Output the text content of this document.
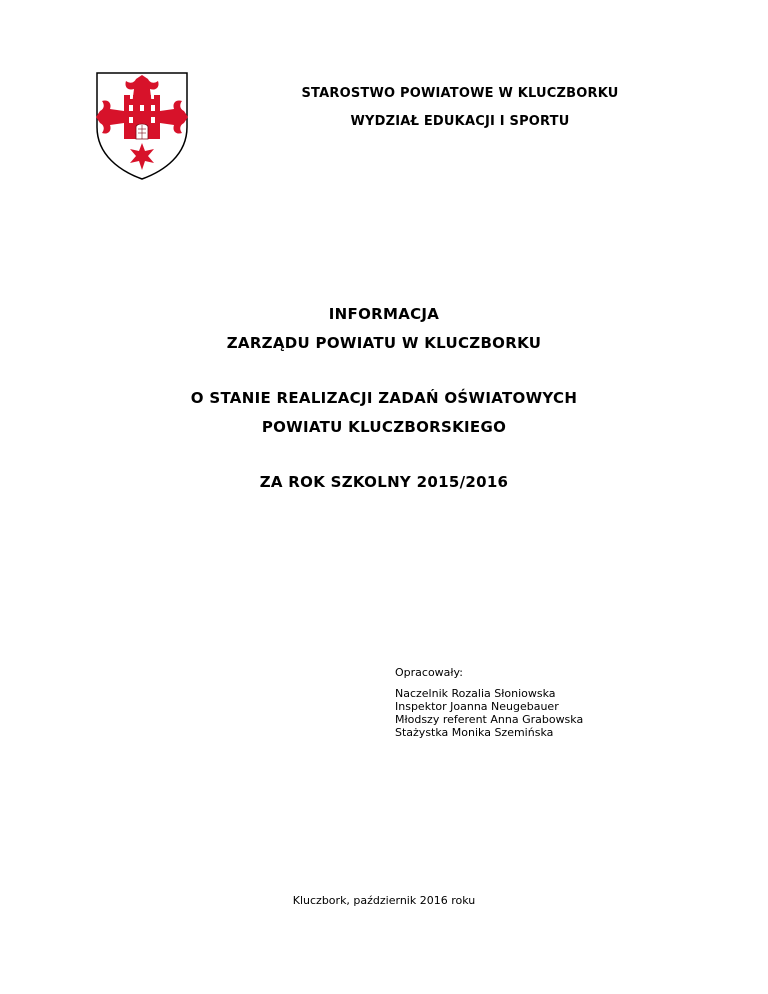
STAROSTWO POWIATOWE W KLUCZBORKU
WYDZIAŁ EDUKACJI I SPORTU
INFORMACJA
ZARZĄDU POWIATU W KLUCZBORKU
O STANIE REALIZACJI ZADAŃ OŚWIATOWYCH
POWIATU KLUCZBORSKIEGO
ZA ROK SZKOLNY 2015/2016
Opracowały:
Naczelnik Rozalia Słoniowska
Inspektor Joanna Neugebauer
Młodszy referent Anna Grabowska
Stażystka Monika Szemińska
Kluczbork, październik 2016 roku
